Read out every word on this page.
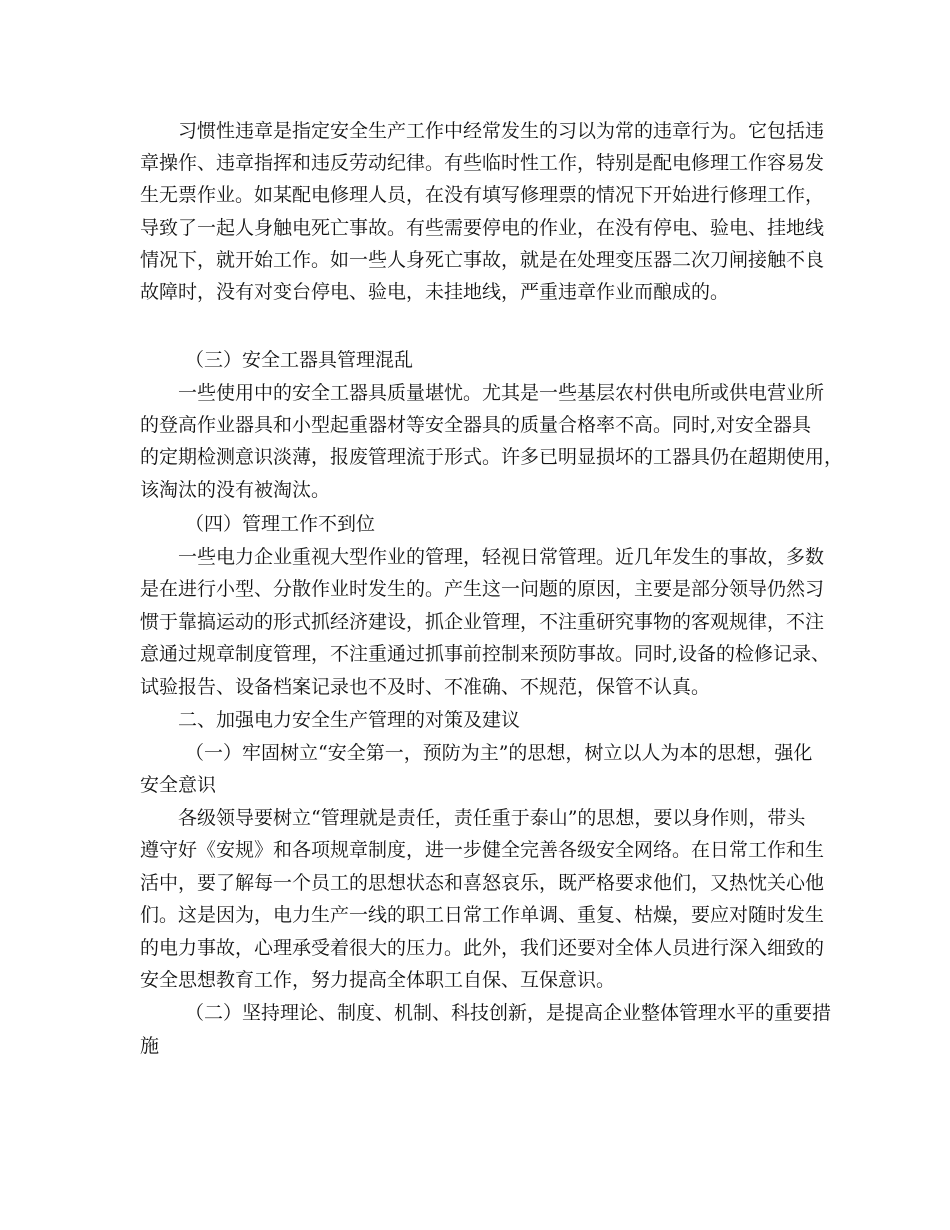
习惯性违章是指定安全生产工作中经常发生的习以为常的违章行为。它包括违
章操作、违章指挥和违反劳动纪律。有些临时性工作，特别是配电修理工作容易发
生无票作业。如某配电修理人员，在没有填写修理票的情况下开始进行修理工作，
导致了一起人身触电死亡事故。有些需要停电的作业，在没有停电、验电、挂地线
情况下，就开始工作。如一些人身死亡事故，就是在处理变压器二次刀闸接触不良
故障时，没有对变台停电、验电，未挂地线，严重违章作业而酿成的。
（三）安全工器具管理混乱
一些使用中的安全工器具质量堪忧。尤其是一些基层农村供电所或供电营业所
的登高作业器具和小型起重器材等安全器具的质量合格率不高。同时,对安全器具
的定期检测意识淡薄，报废管理流于形式。许多已明显损坏的工器具仍在超期使用，
该淘汰的没有被淘汰。
（四）管理工作不到位
一些电力企业重视大型作业的管理，轻视日常管理。近几年发生的事故，多数
是在进行小型、分散作业时发生的。产生这一问题的原因，主要是部分领导仍然习
惯于靠搞运动的形式抓经济建设，抓企业管理，不注重研究事物的客观规律，不注
意通过规章制度管理，不注重通过抓事前控制来预防事故。同时,设备的检修记录、
试验报告、设备档案记录也不及时、不准确、不规范，保管不认真。
二、加强电力安全生产管理的对策及建议
（一）牢固树立“安全第一，预防为主”的思想，树立以人为本的思想，强化
安全意识
各级领导要树立“管理就是责任，责任重于泰山”的思想，要以身作则，带头
遵守好《安规》和各项规章制度，进一步健全完善各级安全网络。在日常工作和生
活中，要了解每一个员工的思想状态和喜怒哀乐，既严格要求他们，又热忱关心他
们。这是因为，电力生产一线的职工日常工作单调、重复、枯燥，要应对随时发生
的电力事故，心理承受着很大的压力。此外，我们还要对全体人员进行深入细致的
安全思想教育工作，努力提高全体职工自保、互保意识。
（二）坚持理论、制度、机制、科技创新，是提高企业整体管理水平的重要措
施
